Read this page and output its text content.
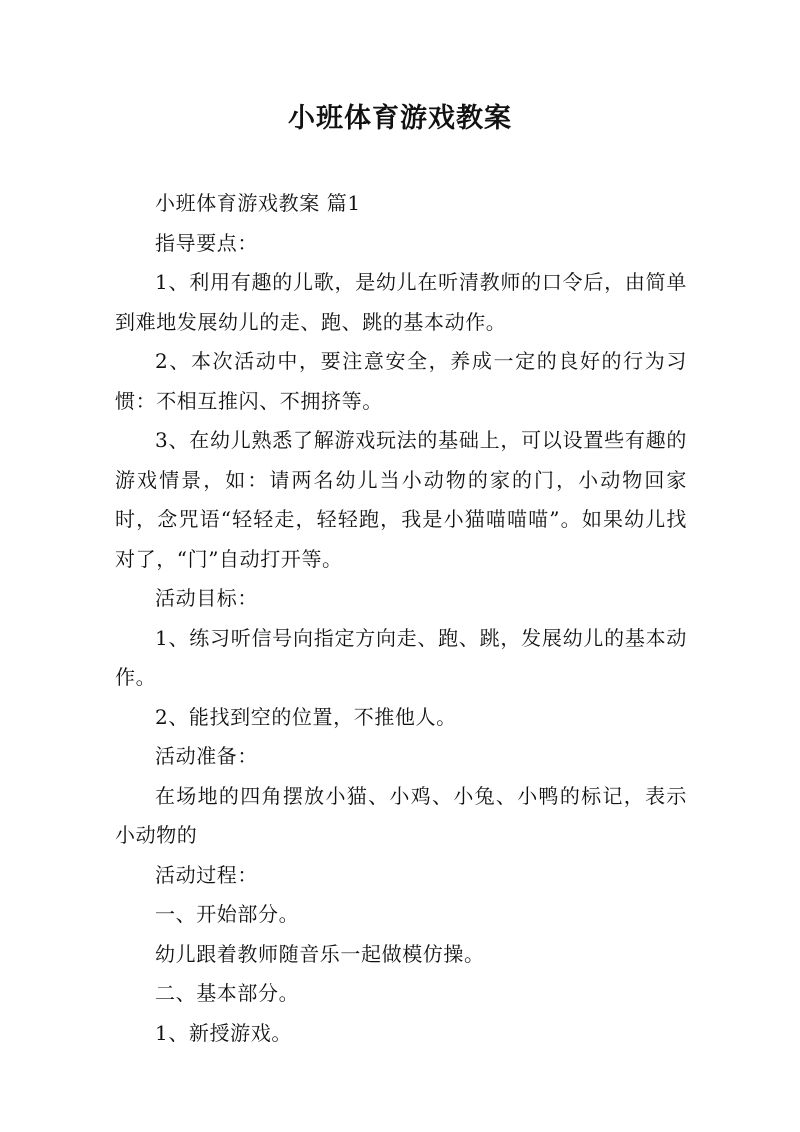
小班体育游戏教案

小班体育游戏教案 篇1

指导要点：

1、利用有趣的儿歌，是幼儿在听清教师的口令后，由简单到难地发展幼儿的走、跑、跳的基本动作。

2、本次活动中，要注意安全，养成一定的良好的行为习惯：不相互推闪、不拥挤等。

3、在幼儿熟悉了解游戏玩法的基础上，可以设置些有趣的游戏情景，如：请两名幼儿当小动物的家的门，小动物回家时，念咒语“轻轻走，轻轻跑，我是小猫喵喵喵”。如果幼儿找对了，“门”自动打开等。

活动目标：

1、练习听信号向指定方向走、跑、跳，发展幼儿的基本动作。

2、能找到空的位置，不推他人。

活动准备：

在场地的四角摆放小猫、小鸡、小兔、小鸭的标记，表示小动物的

活动过程：

一、开始部分。

幼儿跟着教师随音乐一起做模仿操。

二、基本部分。

1、新授游戏。
